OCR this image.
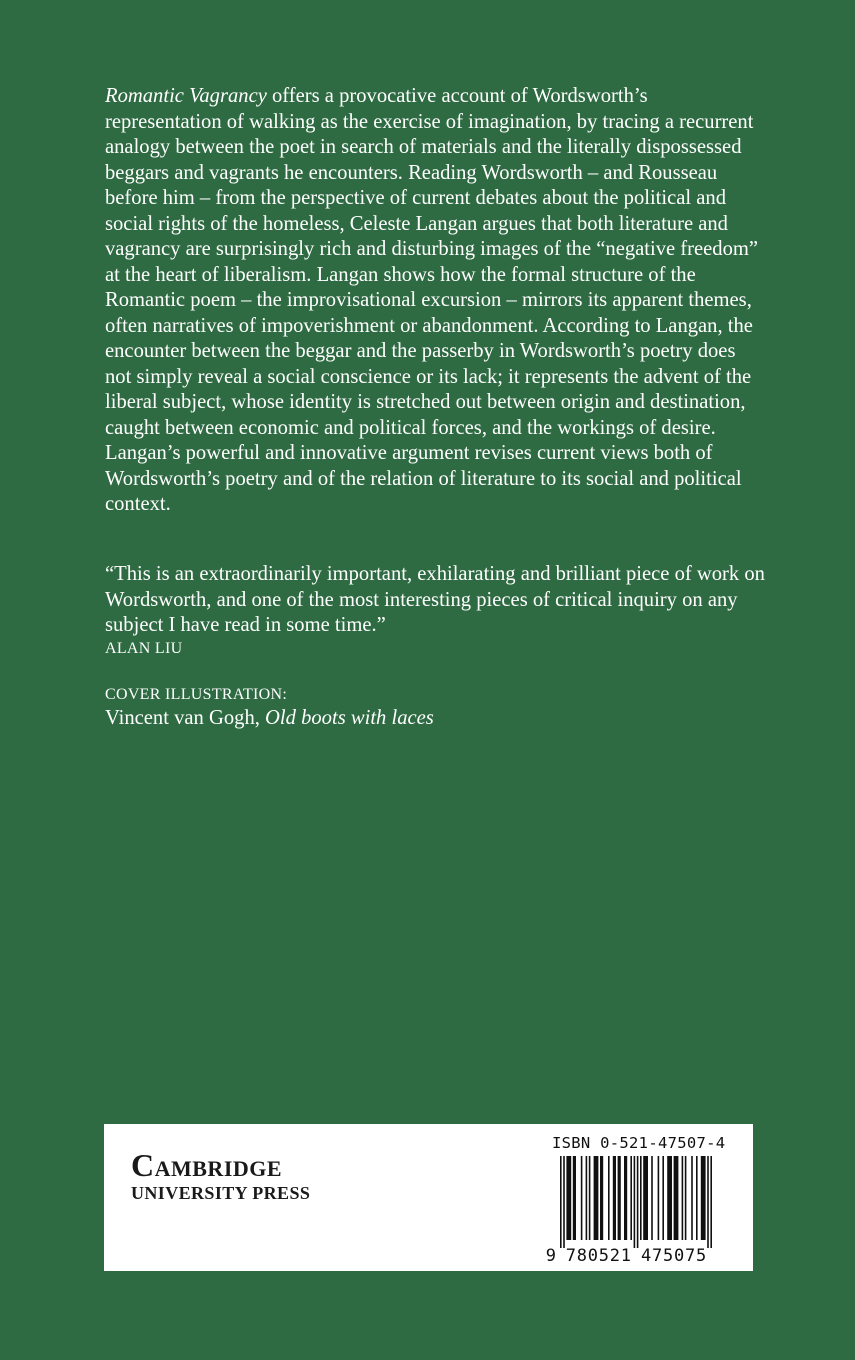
Romantic Vagrancy offers a provocative account of Wordsworth’s representation of walking as the exercise of imagination, by tracing a recurrent analogy between the poet in search of materials and the literally dispossessed beggars and vagrants he encounters. Reading Wordsworth – and Rousseau before him – from the perspective of current debates about the political and social rights of the homeless, Celeste Langan argues that both literature and vagrancy are surprisingly rich and disturbing images of the “negative freedom” at the heart of liberalism. Langan shows how the formal structure of the Romantic poem – the improvisational excursion – mirrors its apparent themes, often narratives of impoverishment or abandonment. According to Langan, the encounter between the beggar and the passerby in Wordsworth’s poetry does not simply reveal a social conscience or its lack; it represents the advent of the liberal subject, whose identity is stretched out between origin and destination, caught between economic and political forces, and the workings of desire. Langan’s powerful and innovative argument revises current views both of Wordsworth’s poetry and of the relation of literature to its social and political context.

“This is an extraordinarily important, exhilarating and brilliant piece of work on Wordsworth, and one of the most interesting pieces of critical inquiry on any subject I have read in some time.”

ALAN LIU
COVER ILLUSTRATION:
Vincent van Gogh, Old boots with laces
Cambridge
UNIVERSITY PRESS
ISBN 0-521-47507-4
9 780521 475075
